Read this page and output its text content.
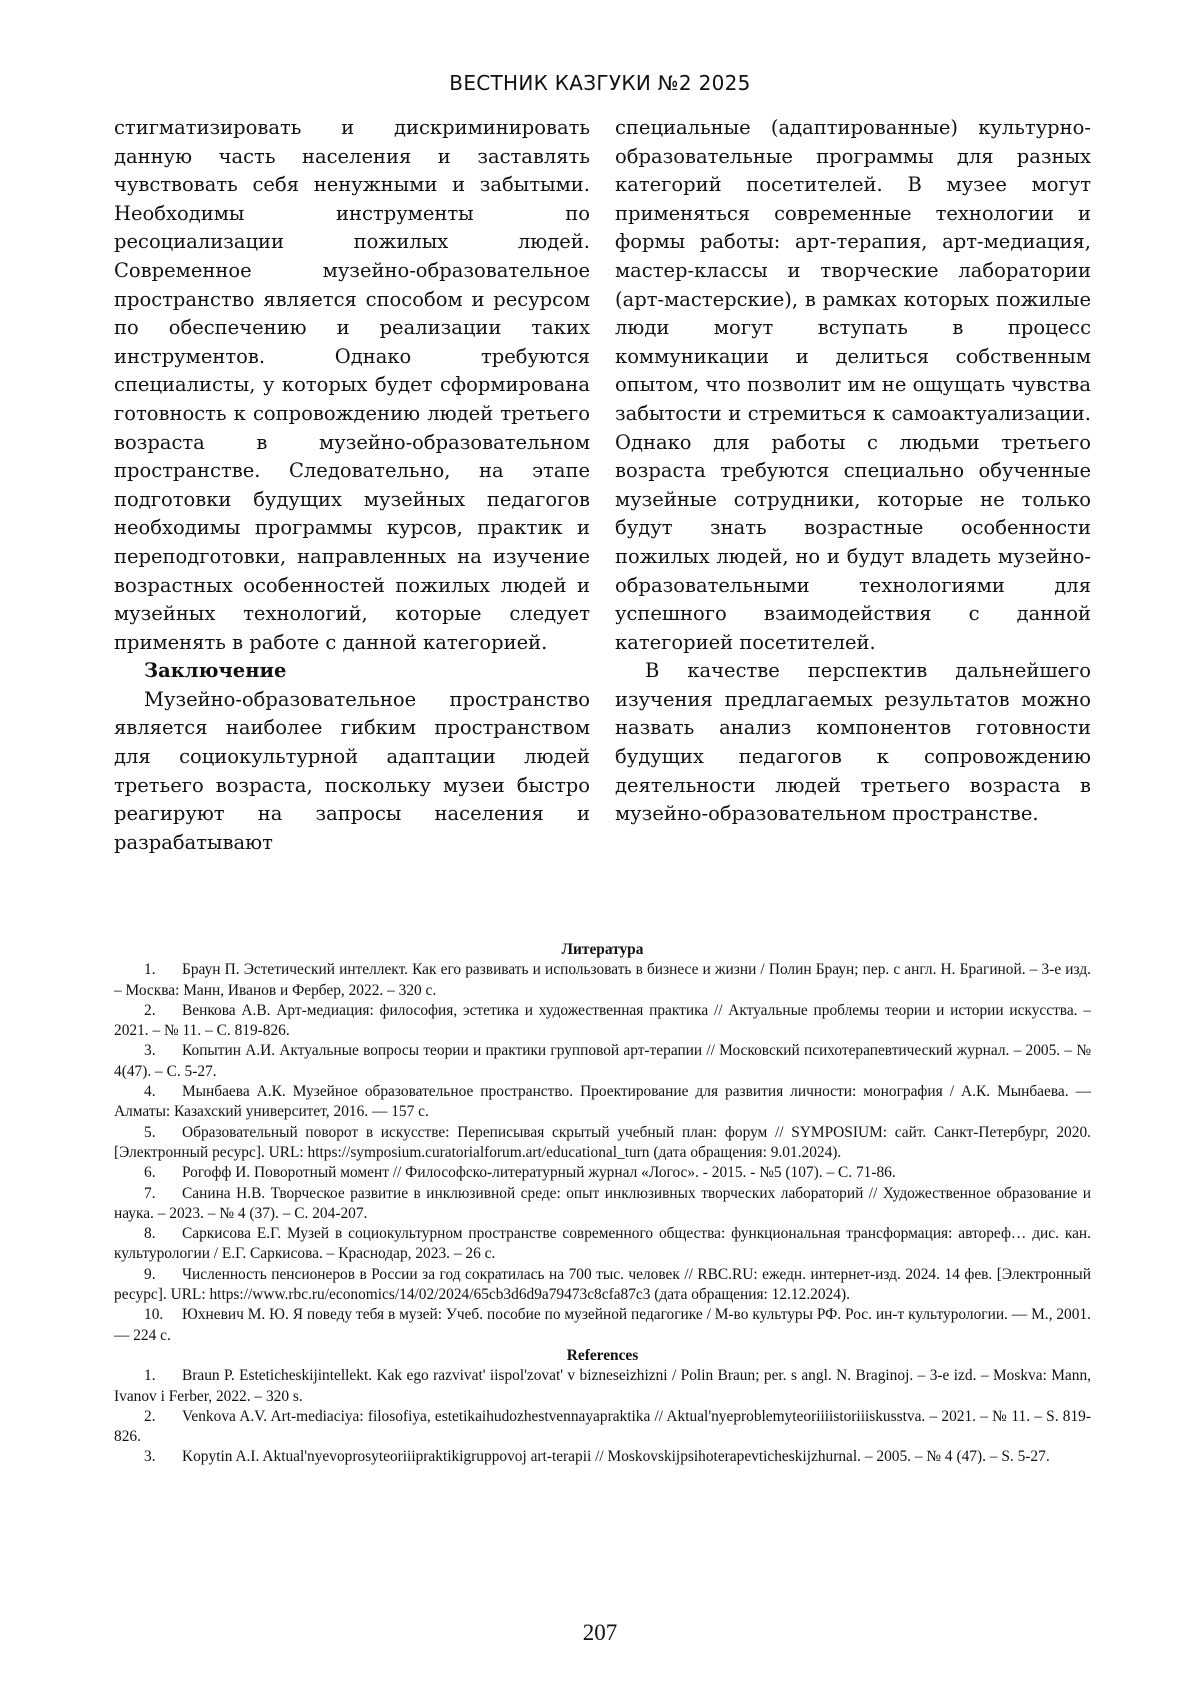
ВЕСТНИК КАЗГУКИ №2 2025

стигматизировать и дискриминировать данную часть населения и заставлять чувствовать себя ненужными и забытыми. Необходимы инструменты по ресоциализации пожилых людей. Современное музейно-образовательное пространство является способом и ресурсом по обеспечению и реализации таких инструментов. Однако требуются специалисты, у которых будет сформирована готовность к сопровождению людей третьего возраста в музейно-образовательном пространстве. Следовательно, на этапе подготовки будущих музейных педагогов необходимы программы курсов, практик и переподготовки, направленных на изучение возрастных особенностей пожилых людей и музейных технологий, которые следует применять в работе с данной категорией.

Заключение

Музейно-образовательное пространство является наиболее гибким пространством для социокультурной адаптации людей третьего возраста, поскольку музеи быстро реагируют на запросы населения и разрабатывают

специальные (адаптированные) культурно-образовательные программы для разных категорий посетителей. В музее могут применяться современные технологии и формы работы: арт-терапия, арт-медиация, мастер-классы и творческие лаборатории (арт-мастерские), в рамках которых пожилые люди могут вступать в процесс коммуникации и делиться собственным опытом, что позволит им не ощущать чувства забытости и стремиться к самоактуализации. Однако для работы с людьми третьего возраста требуются специально обученные музейные сотрудники, которые не только будут знать возрастные особенности пожилых людей, но и будут владеть музейно-образовательными технологиями для успешного взаимодействия с данной категорией посетителей.

В качестве перспектив дальнейшего изучения предлагаемых результатов можно назвать анализ компонентов готовности будущих педагогов к сопровождению деятельности людей третьего возраста в музейно-образовательном пространстве.

Литература
1. Браун П. Эстетический интеллект. Как его развивать и использовать в бизнесе и жизни / Полин Браун; пер. с англ. Н. Брагиной. – 3-е изд. – Москва: Манн, Иванов и Фербер, 2022. – 320 с.
2. Венкова А.В. Арт-медиация: философия, эстетика и художественная практика // Актуальные проблемы теории и истории искусства. – 2021. – № 11. – С. 819-826.
3. Копытин А.И. Актуальные вопросы теории и практики групповой арт-терапии // Московский психотерапевтический журнал. – 2005. – № 4(47). – С. 5-27.
4. Мынбаева А.К. Музейное образовательное пространство. Проектирование для развития личности: монография / А.К. Мынбаева. — Алматы: Казахский университет, 2016. — 157 с.
5. Образовательный поворот в искусстве: Переписывая скрытый учебный план: форум // SYMPOSIUM: сайт. Санкт-Петербург, 2020. [Электронный ресурс]. URL: https://symposium.curatorialforum.art/educational_turn (дата обращения: 9.01.2024).
6. Рогофф И. Поворотный момент // Философско-литературный журнал «Логос». - 2015. - №5 (107). – С. 71-86.
7. Санина Н.В. Творческое развитие в инклюзивной среде: опыт инклюзивных творческих лабораторий // Художественное образование и наука. – 2023. – № 4 (37). – С. 204-207.
8. Саркисова Е.Г. Музей в социокультурном пространстве современного общества: функциональная трансформация: автореф… дис. кан. культурологии / Е.Г. Саркисова. – Краснодар, 2023. – 26 с.
9. Численность пенсионеров в России за год сократилась на 700 тыс. человек // RBC.RU: ежедн. интернет-изд. 2024. 14 фев. [Электронный ресурс]. URL: https://www.rbc.ru/economics/14/02/2024/65cb3d6d9a79473c8cfa87c3 (дата обращения: 12.12.2024).
10. Юхневич М. Ю. Я поведу тебя в музей: Учеб. пособие по музейной педагогике / М-во культуры РФ. Рос. ин-т культурологии. — М., 2001. — 224 с.
References
1. Braun P. Esteticheskijintellekt. Kak ego razvivat' iispol'zovat' v bizneseizhizni / Polin Braun; per. s angl. N. Braginoj. – 3-e izd. – Moskva: Mann, Ivanov i Ferber, 2022. – 320 s.
2. Venkova A.V. Art-mediaciya: filosofiya, estetikaihudozhestvennayapraktika // Aktual'nyeproblemyteoriiiistoriiiskusstva. – 2021. – № 11. – S. 819-826.
3. Kopytin A.I. Aktual'nyevoprosyteoriiipraktikigruppovoj art-terapii // Moskovskijpsihoterapevticheskijzhurnal. – 2005. – № 4 (47). – S. 5-27.
207
